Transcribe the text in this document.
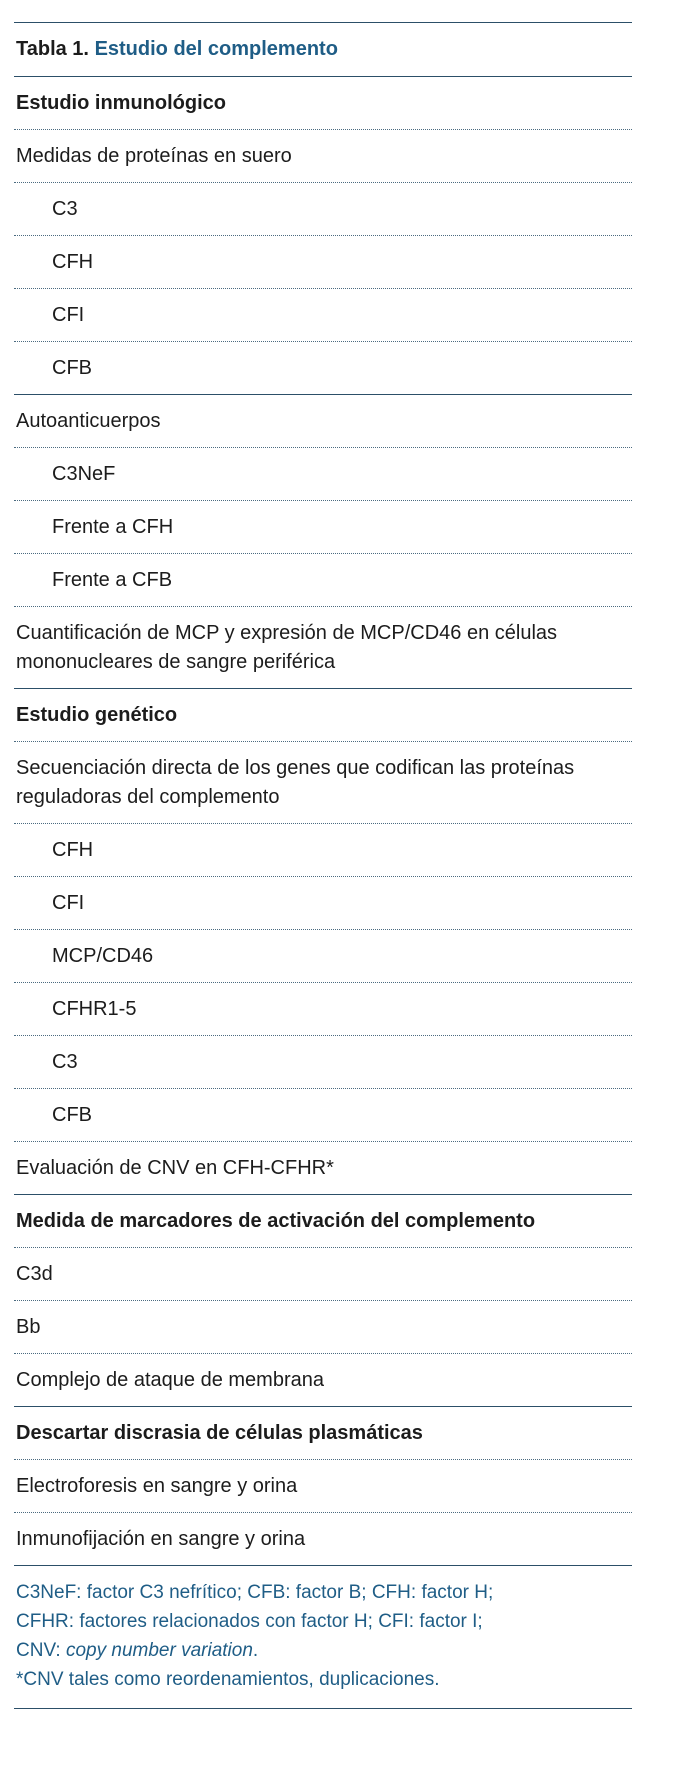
Tabla 1. Estudio del complemento
Estudio inmunológico
Medidas de proteínas en suero
C3
CFH
CFI
CFB
Autoanticuerpos
C3NeF
Frente a CFH
Frente a CFB
Cuantificación de MCP y expresión de MCP/CD46 en células mononucleares de sangre periférica
Estudio genético
Secuenciación directa de los genes que codifican las proteínas reguladoras del complemento
CFH
CFI
MCP/CD46
CFHR1-5
C3
CFB
Evaluación de CNV en CFH-CFHR*
Medida de marcadores de activación del complemento
C3d
Bb
Complejo de ataque de membrana
Descartar discrasia de células plasmáticas
Electroforesis en sangre y orina
Inmunofijación en sangre y orina
C3NeF: factor C3 nefrítico; CFB: factor B; CFH: factor H;
CFHR: factores relacionados con factor H; CFI: factor I;
CNV: copy number variation.
*CNV tales como reordenamientos, duplicaciones.
